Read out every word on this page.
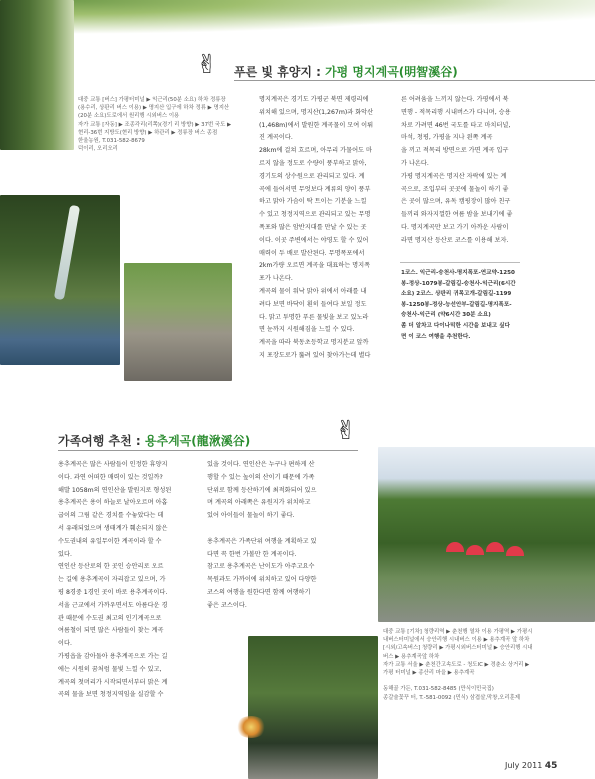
✌ 푸른 빛 휴양지 : 가평 명지계곡(明智溪谷)
대중 교통 [버스] 가평터미널 ▶ 익근리(50분 소요) 하차 정류장
(용수리, 상판리 버스 이용) ▶ 명지산 입구에 하차 정류 ▶ 명지산
(20분 소요)도로에서 원리행 시외버스 이용
자가 교통 [자동] ▶ 조종각리(리쪽)(경기 리 방향) ▶ 37번 국도 ▶
현리-36번 지방도(현리 방향) ▶ 하관리 ▶ 정류장 버스 종점
한울농원, T.031-582-8679
덕이리, 오리오리
명지계곡은 경기도 가평군 북면 제령리에
위치해 있으며, 명지산(1,267m)과 화악산
(1,468m)에서 발원한 계곡물이 모여 이뤄
진 계곡이다.
28km에 걸쳐 흐르며, 아무리 가물어도 마
르지 않을 정도로 수량이 풍부하고 맑아,
경기도의 상수원으로 관리되고 있다. 계
곡에 들어서면 무엇보다 계류의 양이 풍부
하고 맑아 가슴이 탁 트이는 기분을 느낄
수 있고 청정지역으로 관리되고 있는 무명
폭포와 많은 암반지대를 만날 수 있는 곳
이다. 이곳 주변에서는 야영도 할 수 있어
매력이 두 배로 발산된다. 무명폭포에서
2km가량 오르면 계곡을 대표하는 명지폭
포가 나온다.
계곡의 물이 워낙 맑아 위에서 아래를 내
려다 보면 바닥이 훤히 들여다 보일 정도
다. 맑고 투명한 푸른 물빛을 보고 있노라
면 눈까지 시원해짐을 느낄 수 있다.
계곡을 따라 북동초등학교 명지분교 앞까
지 포장도로가 뚫려 있어 찾아가는데 별다
른 어려움을 느끼지 않는다. 가평에서 북
면행 - 적목리행 시내버스가 다니며, 승용
차로 가려면 46번 국도를 타고 마치터널,
마석, 청평, 가평을 지나 왼쪽 계곡
을 끼고 적목리 방면으로 가면 계곡 입구
가 나온다.
가평 명지계곡은 명지산 자락에 있는 계
곡으로, 조입부터 곳곳에 물놀이 하기 좋
은 곳이 많으며, 유독 캠핑장이 많아 친구
들끼리 와자지껄한 여름 밤을 보내기에 좋
다. 명지계곡만 보고 가기 아까운 사람이
라면 명지산 등산로 코스를 이용해 보자.
1코스. 익근리-승천사-명지폭포-연교약-1250
봉-정상-1079봉-갈림길-승천사-익근리(6시간
소요) 2코스. 상판리 귀목고개-갈림길-1199
봉-1250봉-정상-능선안부-갈림길-명지폭포-
승천사-익근리 (약6시간 30분 소요)
좀 더 알차고 다이나믹한 시간을 보내고 싶다
면 이 코스 여행을 추천한다.
✌
가족여행 추천 : 용추계곡(龍湫溪谷)
용추계곡은 많은 사람들이 인정한 휴양지
이다. 과연 어떠한 매력이 있는 것일까?
해발 1058m의 연인산을 발원지로 형성된
용추계곡은 용이 하늘로 날아오르며 아홉
굽이의 그림 같은 경치를 수놓았다는 데
서 유래되었으며 생태계가 훼손되지 않은
수도권내의 유일무이한 계곡이라 할 수
있다.
연인산 등산로의 한 곳인 승안리로 오르
는 길에 용추계곡이 자리잡고 있으며, 가
평 8경중 1경인 곳이 바로 용추계곡이다.
서울 근교에서 가까우면서도 아름다운 경
관 때문에 수도권 최고의 인기계곡으로
여름철이 되면 많은 사람들이 찾는 계곡
이다.
가평읍을 감아돌아 용추계곡으로 가는 길
에는 시원히 꿈처럼 물빛 느낄 수 있고,
계곡의 첫머리가 시작되면서부터 맑은 계
곡의 물을 보면 청정지역임을 실감할 수
있을 것이다. 연인산은 누구나 편하게 산
행할 수 있는 높이의 산이기 때문에 가족
단위로 함께 등산하기에 최적화되어 있으
며 계곡의 아래쪽은 유원지가 위치하고
있어 아이들이 물놀이 하기 좋다.

용추계곡은 가족단위 여행을 계획하고 있
다면 꼭 한번 가볼만 한 계곡이다.
참고로 용추계곡은 난이도가 아주고요수
목원과도 가까이에 위치하고 있어 다양한
코스의 여행을 원한다면 함께 여행하기
좋은 코스이다.
대중 교통 [기차] 청량리역 ▶ 춘천행 열차 이용 가평역 ▶ 가평시
내버스터미널에서 승안리행 시내버스 이용 ▶ 용추계곡 앞 하차
[시외/고속버스] 청량리 ▶ 가평시외버스터미널 ▶ 승안리행 시내
버스 ▶ 용추계곡앞 하차
자가 교통 서울 ▶ 춘천간고속도로 - 청도IC ▶ 경춘소 상거리 ▶
가평 터미널 ▶ 종산리 마을 ▶ 용추계곡

동해골 가든, T.031-582-8485 (만식이민국집)
종갈술꽃꾸 터, T.-581-0092 (민식) 삼겹살,막창,오리훈제
July 2011 45
